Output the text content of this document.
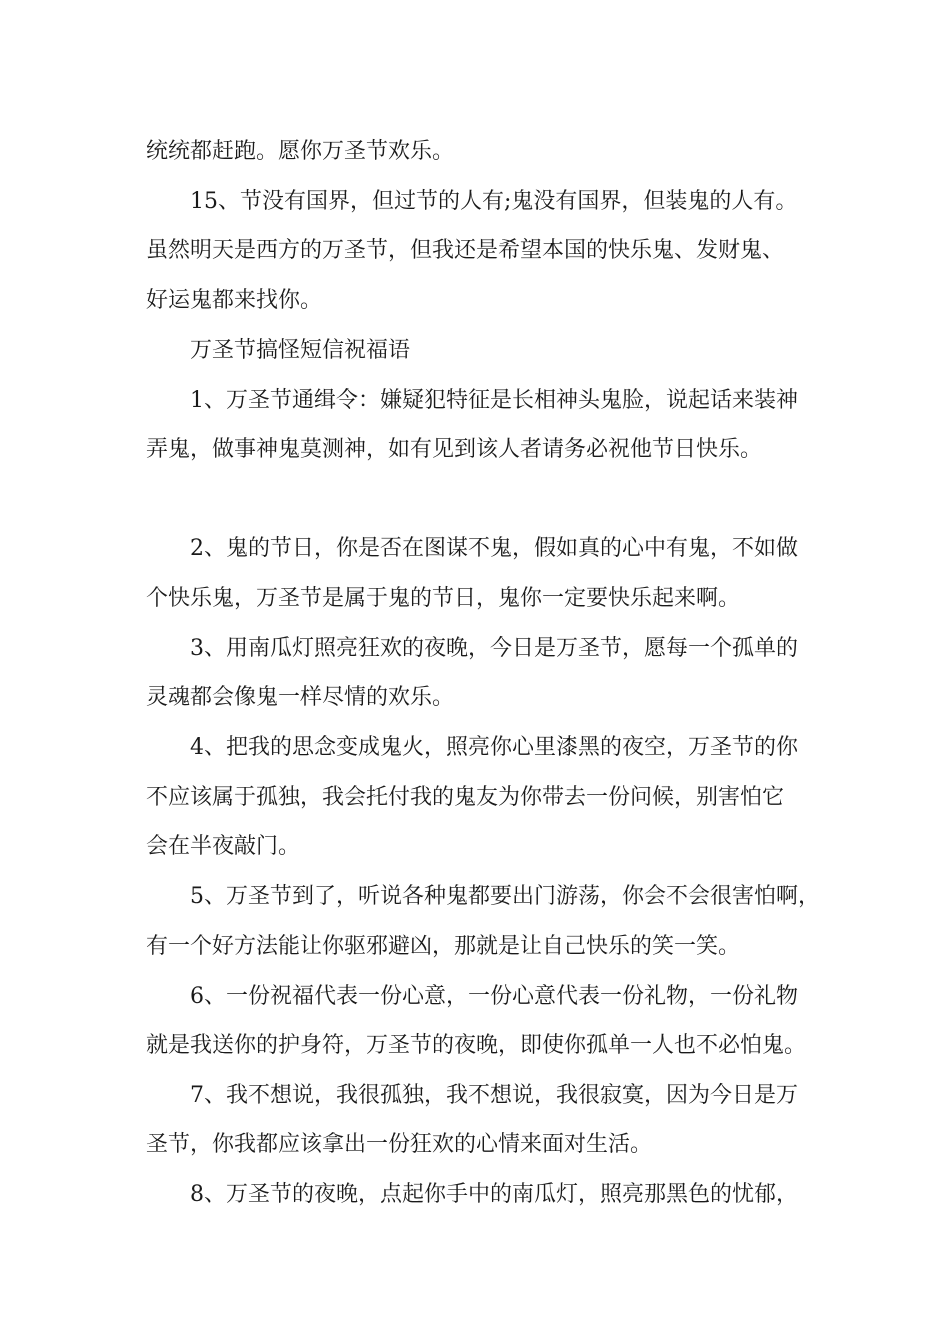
统统都赶跑。愿你万圣节欢乐。
15、节没有国界，但过节的人有;鬼没有国界，但装鬼的人有。
虽然明天是西方的万圣节，但我还是希望本国的快乐鬼、发财鬼、
好运鬼都来找你。
万圣节搞怪短信祝福语
1、万圣节通缉令：嫌疑犯特征是长相神头鬼脸，说起话来装神
弄鬼，做事神鬼莫测神，如有见到该人者请务必祝他节日快乐。
2、鬼的节日，你是否在图谋不鬼，假如真的心中有鬼，不如做
个快乐鬼，万圣节是属于鬼的节日，鬼你一定要快乐起来啊。
3、用南瓜灯照亮狂欢的夜晚，今日是万圣节，愿每一个孤单的
灵魂都会像鬼一样尽情的欢乐。
4、把我的思念变成鬼火，照亮你心里漆黑的夜空，万圣节的你
不应该属于孤独，我会托付我的鬼友为你带去一份问候，别害怕它
会在半夜敲门。
5、万圣节到了，听说各种鬼都要出门游荡，你会不会很害怕啊，
有一个好方法能让你驱邪避凶，那就是让自己快乐的笑一笑。
6、一份祝福代表一份心意，一份心意代表一份礼物，一份礼物
就是我送你的护身符，万圣节的夜晚，即使你孤单一人也不必怕鬼。
7、我不想说，我很孤独，我不想说，我很寂寞，因为今日是万
圣节，你我都应该拿出一份狂欢的心情来面对生活。
8、万圣节的夜晚，点起你手中的南瓜灯，照亮那黑色的忧郁，
